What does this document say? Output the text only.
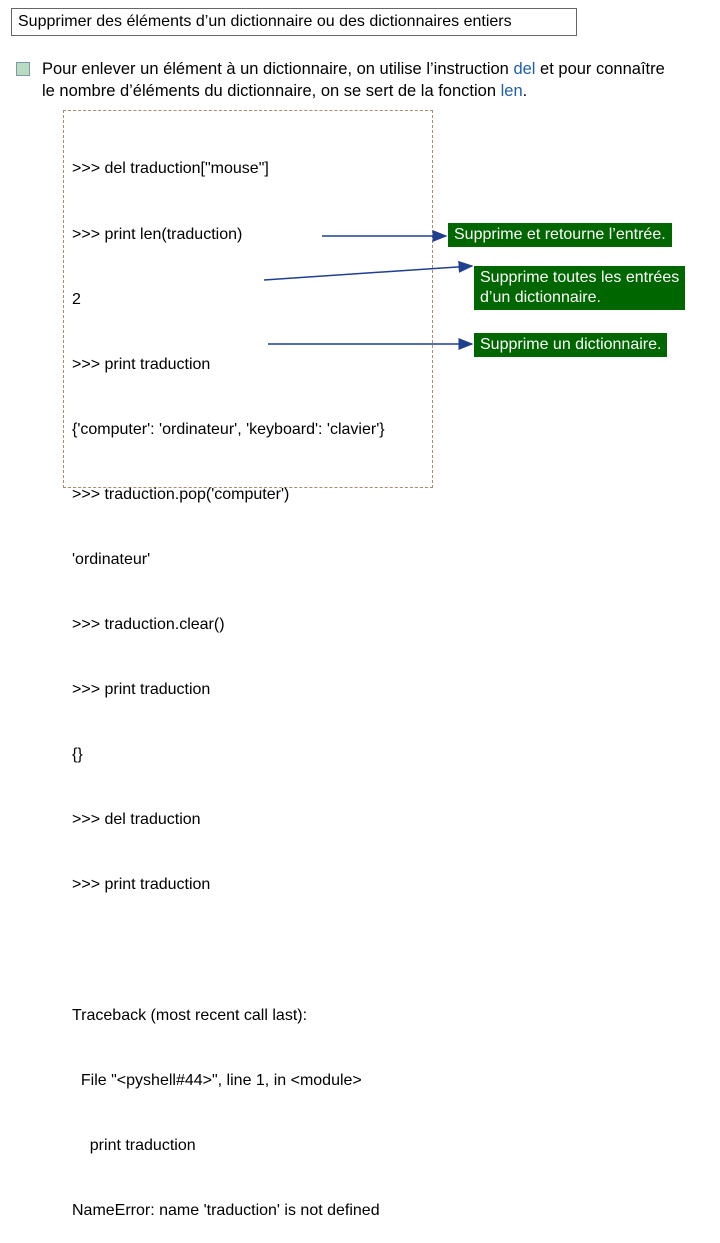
Supprimer des éléments d’un dictionnaire ou des dictionnaires entiers
Pour enlever un élément à un dictionnaire, on utilise l’instruction del et pour connaître le nombre d’éléments du dictionnaire, on se sert de la fonction len.

>>> del traduction["mouse"]

>>> print len(traduction)

2

>>> print traduction

{'computer': 'ordinateur', 'keyboard': 'clavier'}

>>> traduction.pop('computer')

'ordinateur'

>>> traduction.clear()

>>> print traduction

{}

>>> del traduction

>>> print traduction

Traceback (most recent call last):

File "<pyshell#44>", line 1, in <module>

print traduction

NameError: name 'traduction' is not defined

Supprime et retourne l’entrée.
Supprime toutes les entrées
d’un dictionnaire.
Supprime un dictionnaire.
